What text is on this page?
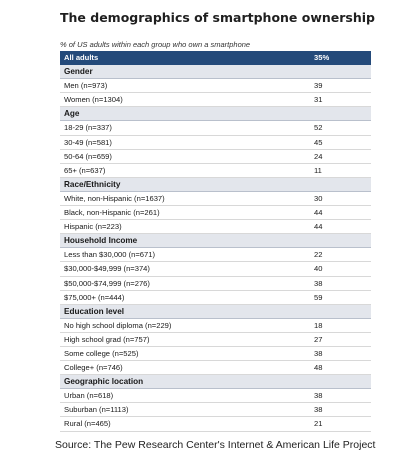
The demographics of smartphone ownership
% of US adults within each group who own a smartphone
All adults	35%
Gender
Men (n=973)	39
Women (n=1304)	31
Age
18-29 (n=337)	52
30-49 (n=581)	45
50-64 (n=659)	24
65+ (n=637)	11
Race/Ethnicity
White, non-Hispanic (n=1637)	30
Black, non-Hispanic (n=261)	44
Hispanic (n=223)	44
Household Income
Less than $30,000 (n=671)	22
$30,000-$49,999 (n=374)	40
$50,000-$74,999 (n=276)	38
$75,000+ (n=444)	59
Education level
No high school diploma (n=229)	18
High school grad (n=757)	27
Some college (n=525)	38
College+ (n=746)	48
Geographic location
Urban (n=618)	38
Suburban (n=1113)	38
Rural (n=465)	21
Source: The Pew Research Center's Internet & American Life Project
